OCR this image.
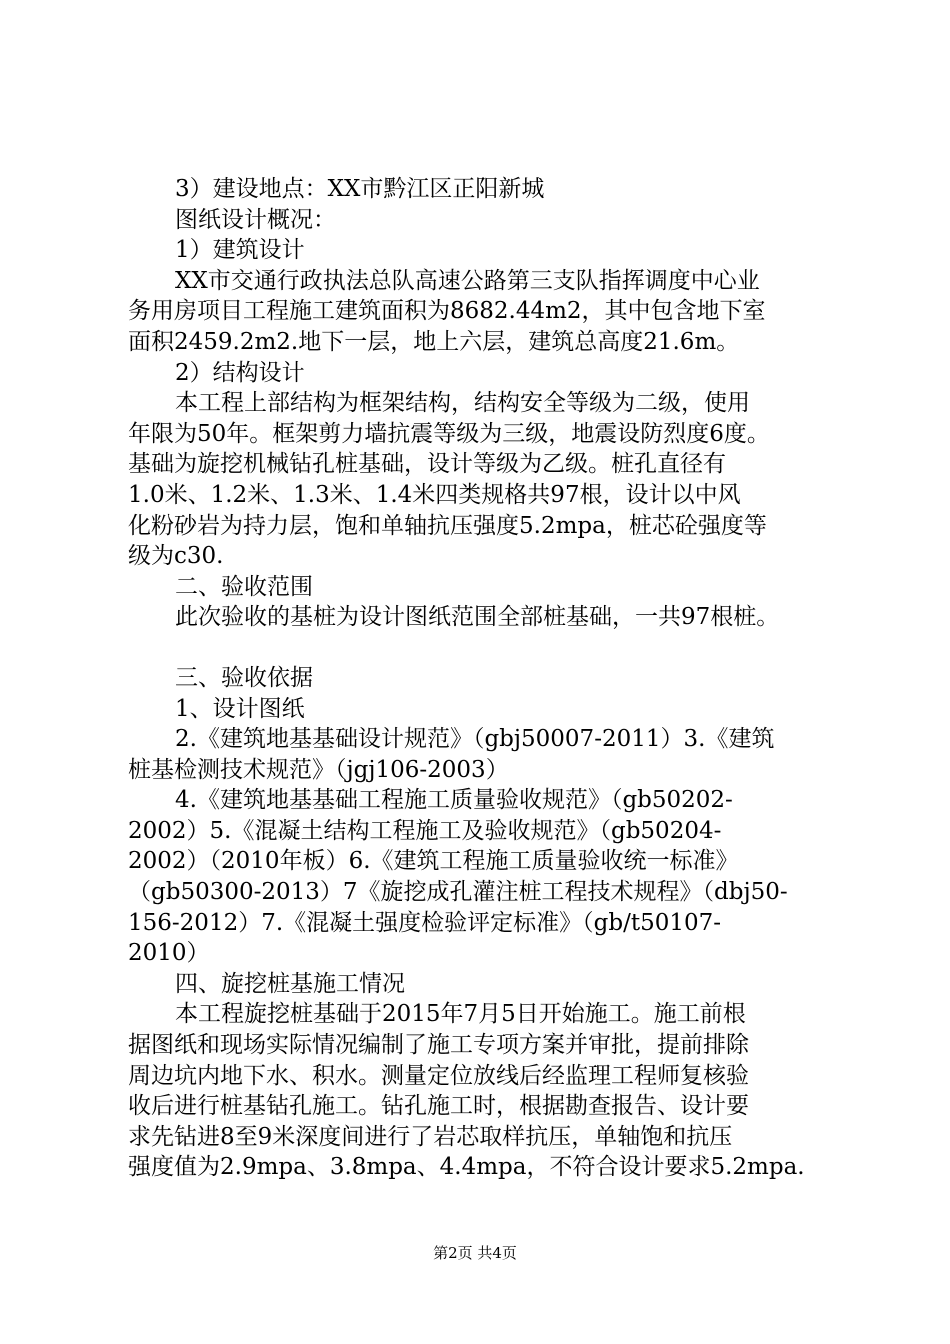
3）建设地点：XX市黔江区正阳新城

图纸设计概况：

1）建筑设计

XX市交通行政执法总队高速公路第三支队指挥调度中心业

务用房项目工程施工建筑面积为8682.44m2，其中包含地下室

面积2459.2m2.地下一层，地上六层，建筑总高度21.6m。

2）结构设计

本工程上部结构为框架结构，结构安全等级为二级，使用

年限为50年。框架剪力墙抗震等级为三级，地震设防烈度6度。

基础为旋挖机械钻孔桩基础，设计等级为乙级。桩孔直径有

1.0米、1.2米、1.3米、1.4米四类规格共97根，设计以中风

化粉砂岩为持力层，饱和单轴抗压强度5.2mpa，桩芯砼强度等

级为c30.

二、验收范围

此次验收的基桩为设计图纸范围全部桩基础，一共97根桩。

三、验收依据

1、设计图纸

2.《建筑地基基础设计规范》（gbj50007-2011）3.《建筑

桩基检测技术规范》（jgj106-2003）

4.《建筑地基基础工程施工质量验收规范》（gb50202-

2002）5.《混凝土结构工程施工及验收规范》（gb50204-

2002）（2010年板）6.《建筑工程施工质量验收统一标准》

（gb50300-2013）7《旋挖成孔灌注桩工程技术规程》（dbj50-

156-2012）7.《混凝土强度检验评定标准》（gb/t50107-

2010）

四、旋挖桩基施工情况

本工程旋挖桩基础于2015年7月5日开始施工。施工前根

据图纸和现场实际情况编制了施工专项方案并审批，提前排除

周边坑内地下水、积水。测量定位放线后经监理工程师复核验

收后进行桩基钻孔施工。钻孔施工时，根据勘查报告、设计要

求先钻进8至9米深度间进行了岩芯取样抗压，单轴饱和抗压

强度值为2.9mpa、3.8mpa、4.4mpa，不符合设计要求5.2mpa.

第2页 共4页
